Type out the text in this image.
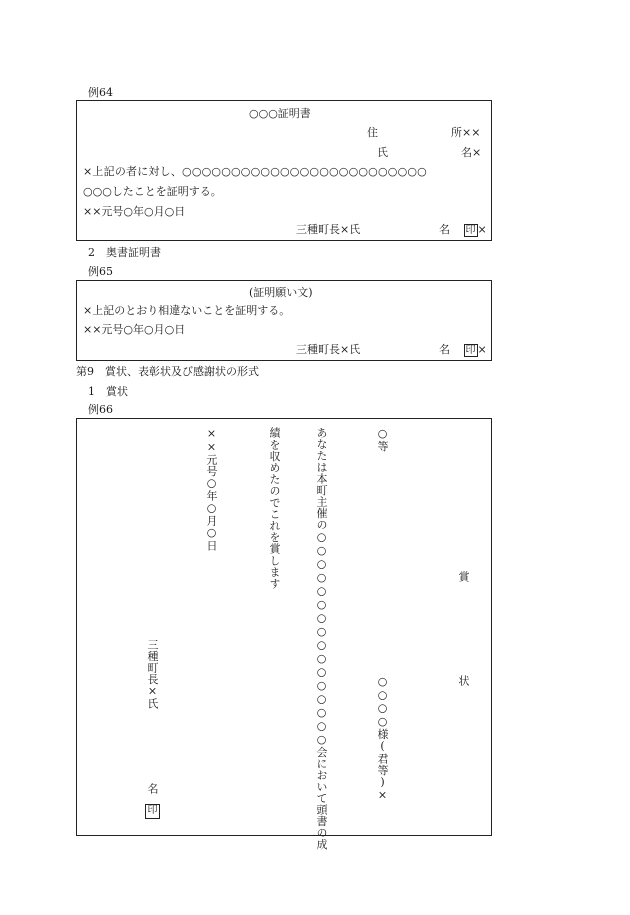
例64
○○○証明書
住	所××
氏	名×
×上記の者に対し、○○○○○○○○○○○○○○○○○○○○○○○○○
○○○したことを証明する。
××元号○年○月○日
三種町長×氏	名 印 ×
2　奥書証明書
例65
(証明願い文)
×上記のとおり相違ないことを証明する。
××元号○年○月○日
三種町長×氏	名 印 ×
第9　賞状、表彰状及び感謝状の形式
1　賞状
例66
○等
賞
状
○○○○様(君等)×
あなたは本町主催の○○○○○○○○○○○○○○○○会において頭書の成
績を収めたのでこれを賞します
××元号○年○月○日
三種町長×氏
名
印
